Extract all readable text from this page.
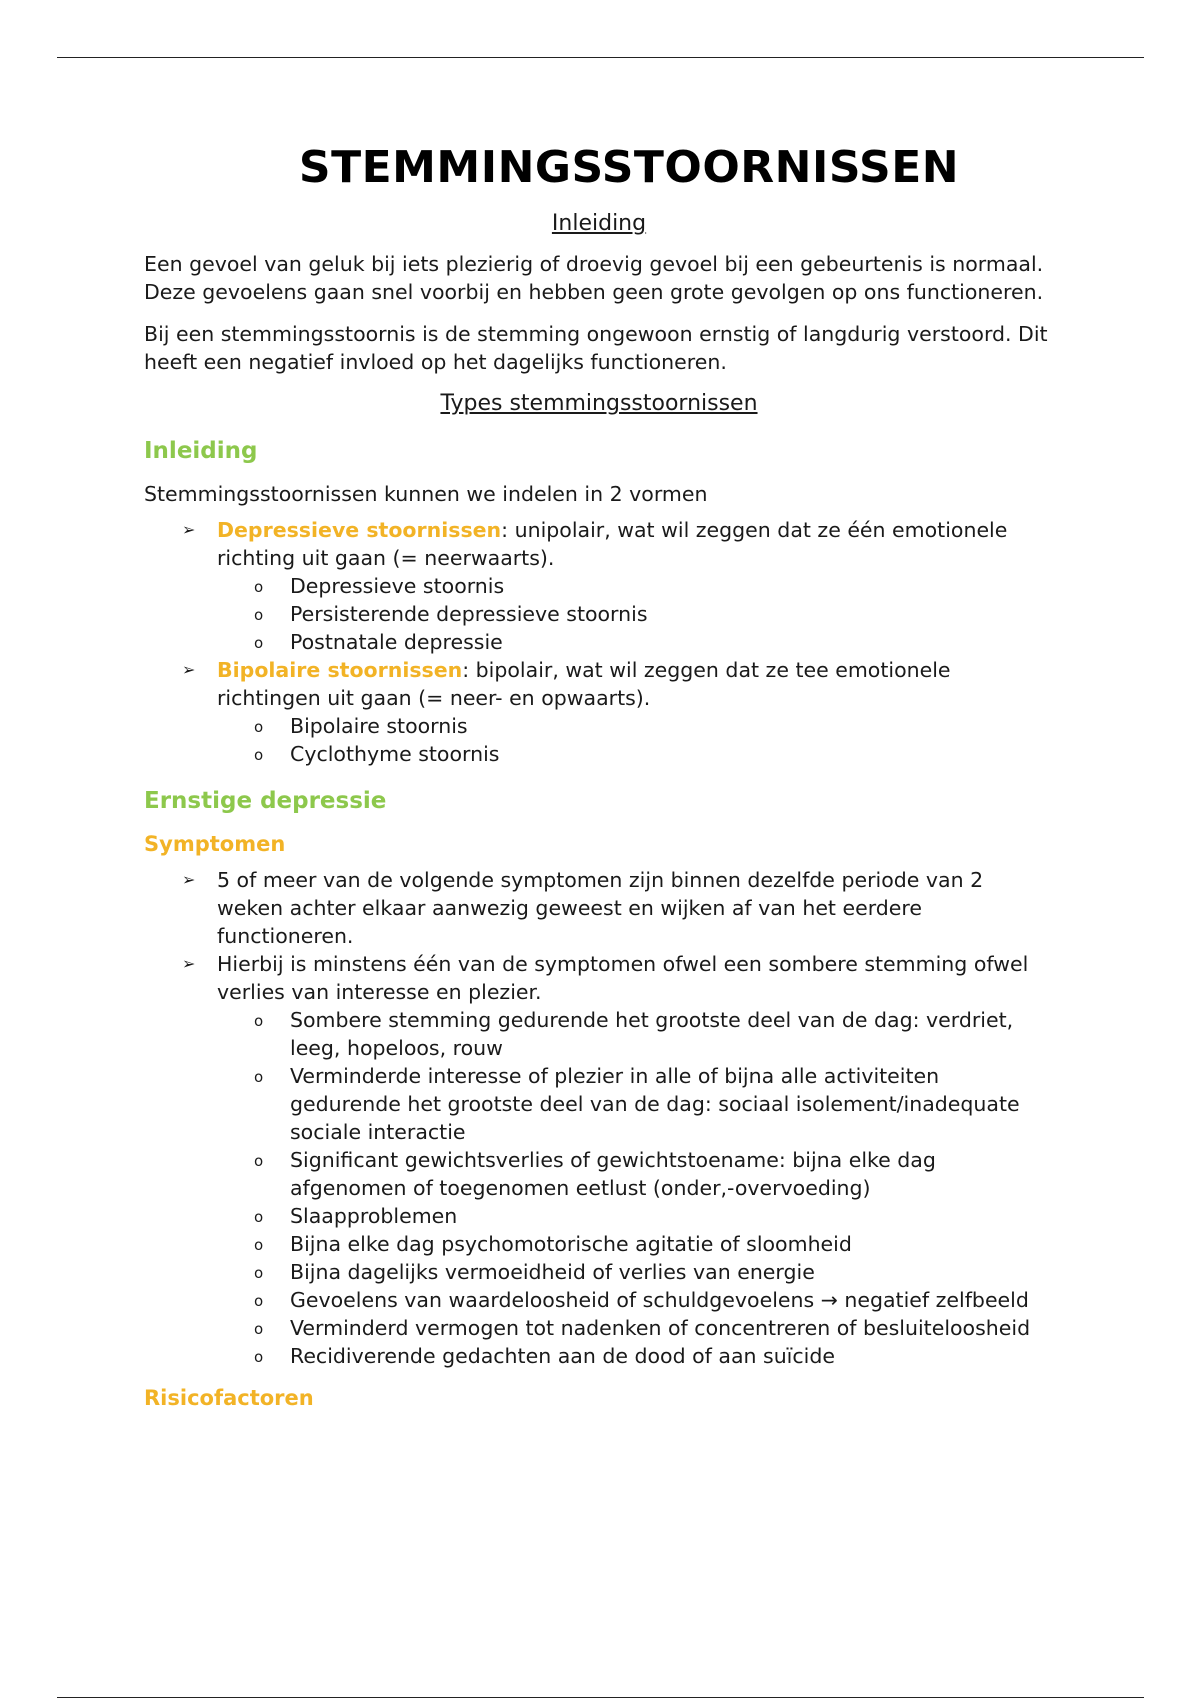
STEMMINGSSTOORNISSEN
Inleiding

Een gevoel van geluk bij iets plezierig of droevig gevoel bij een gebeurtenis is normaal. Deze gevoelens gaan snel voorbij en hebben geen grote gevolgen op ons functioneren.

Bij een stemmingsstoornis is de stemming ongewoon ernstig of langdurig verstoord. Dit heeft een negatief invloed op het dagelijks functioneren.

Types stemmingsstoornissen
Inleiding

Stemmingsstoornissen kunnen we indelen in 2 vormen

➢ Depressieve stoornissen: unipolair, wat wil zeggen dat ze één emotionele richting uit gaan (= neerwaarts).
o Depressieve stoornis
o Persisterende depressieve stoornis
o Postnatale depressie
➢ Bipolaire stoornissen: bipolair, wat wil zeggen dat ze tee emotionele richtingen uit gaan (= neer- en opwaarts).
o Bipolaire stoornis
o Cyclothyme stoornis
Ernstige depressie
Symptomen
➢ 5 of meer van de volgende symptomen zijn binnen dezelfde periode van 2 weken achter elkaar aanwezig geweest en wijken af van het eerdere functioneren.
➢ Hierbij is minstens één van de symptomen ofwel een sombere stemming ofwel verlies van interesse en plezier.
o Sombere stemming gedurende het grootste deel van de dag: verdriet, leeg, hopeloos, rouw
o Verminderde interesse of plezier in alle of bijna alle activiteiten gedurende het grootste deel van de dag: sociaal isolement/inadequate sociale interactie
o Significant gewichtsverlies of gewichtstoename: bijna elke dag afgenomen of toegenomen eetlust (onder,-overvoeding)
o Slaapproblemen
o Bijna elke dag psychomotorische agitatie of sloomheid
o Bijna dagelijks vermoeidheid of verlies van energie
o Gevoelens van waardeloosheid of schuldgevoelens → negatief zelfbeeld
o Verminderd vermogen tot nadenken of concentreren of besluiteloosheid
o Recidiverende gedachten aan de dood of aan suïcide
Risicofactoren
